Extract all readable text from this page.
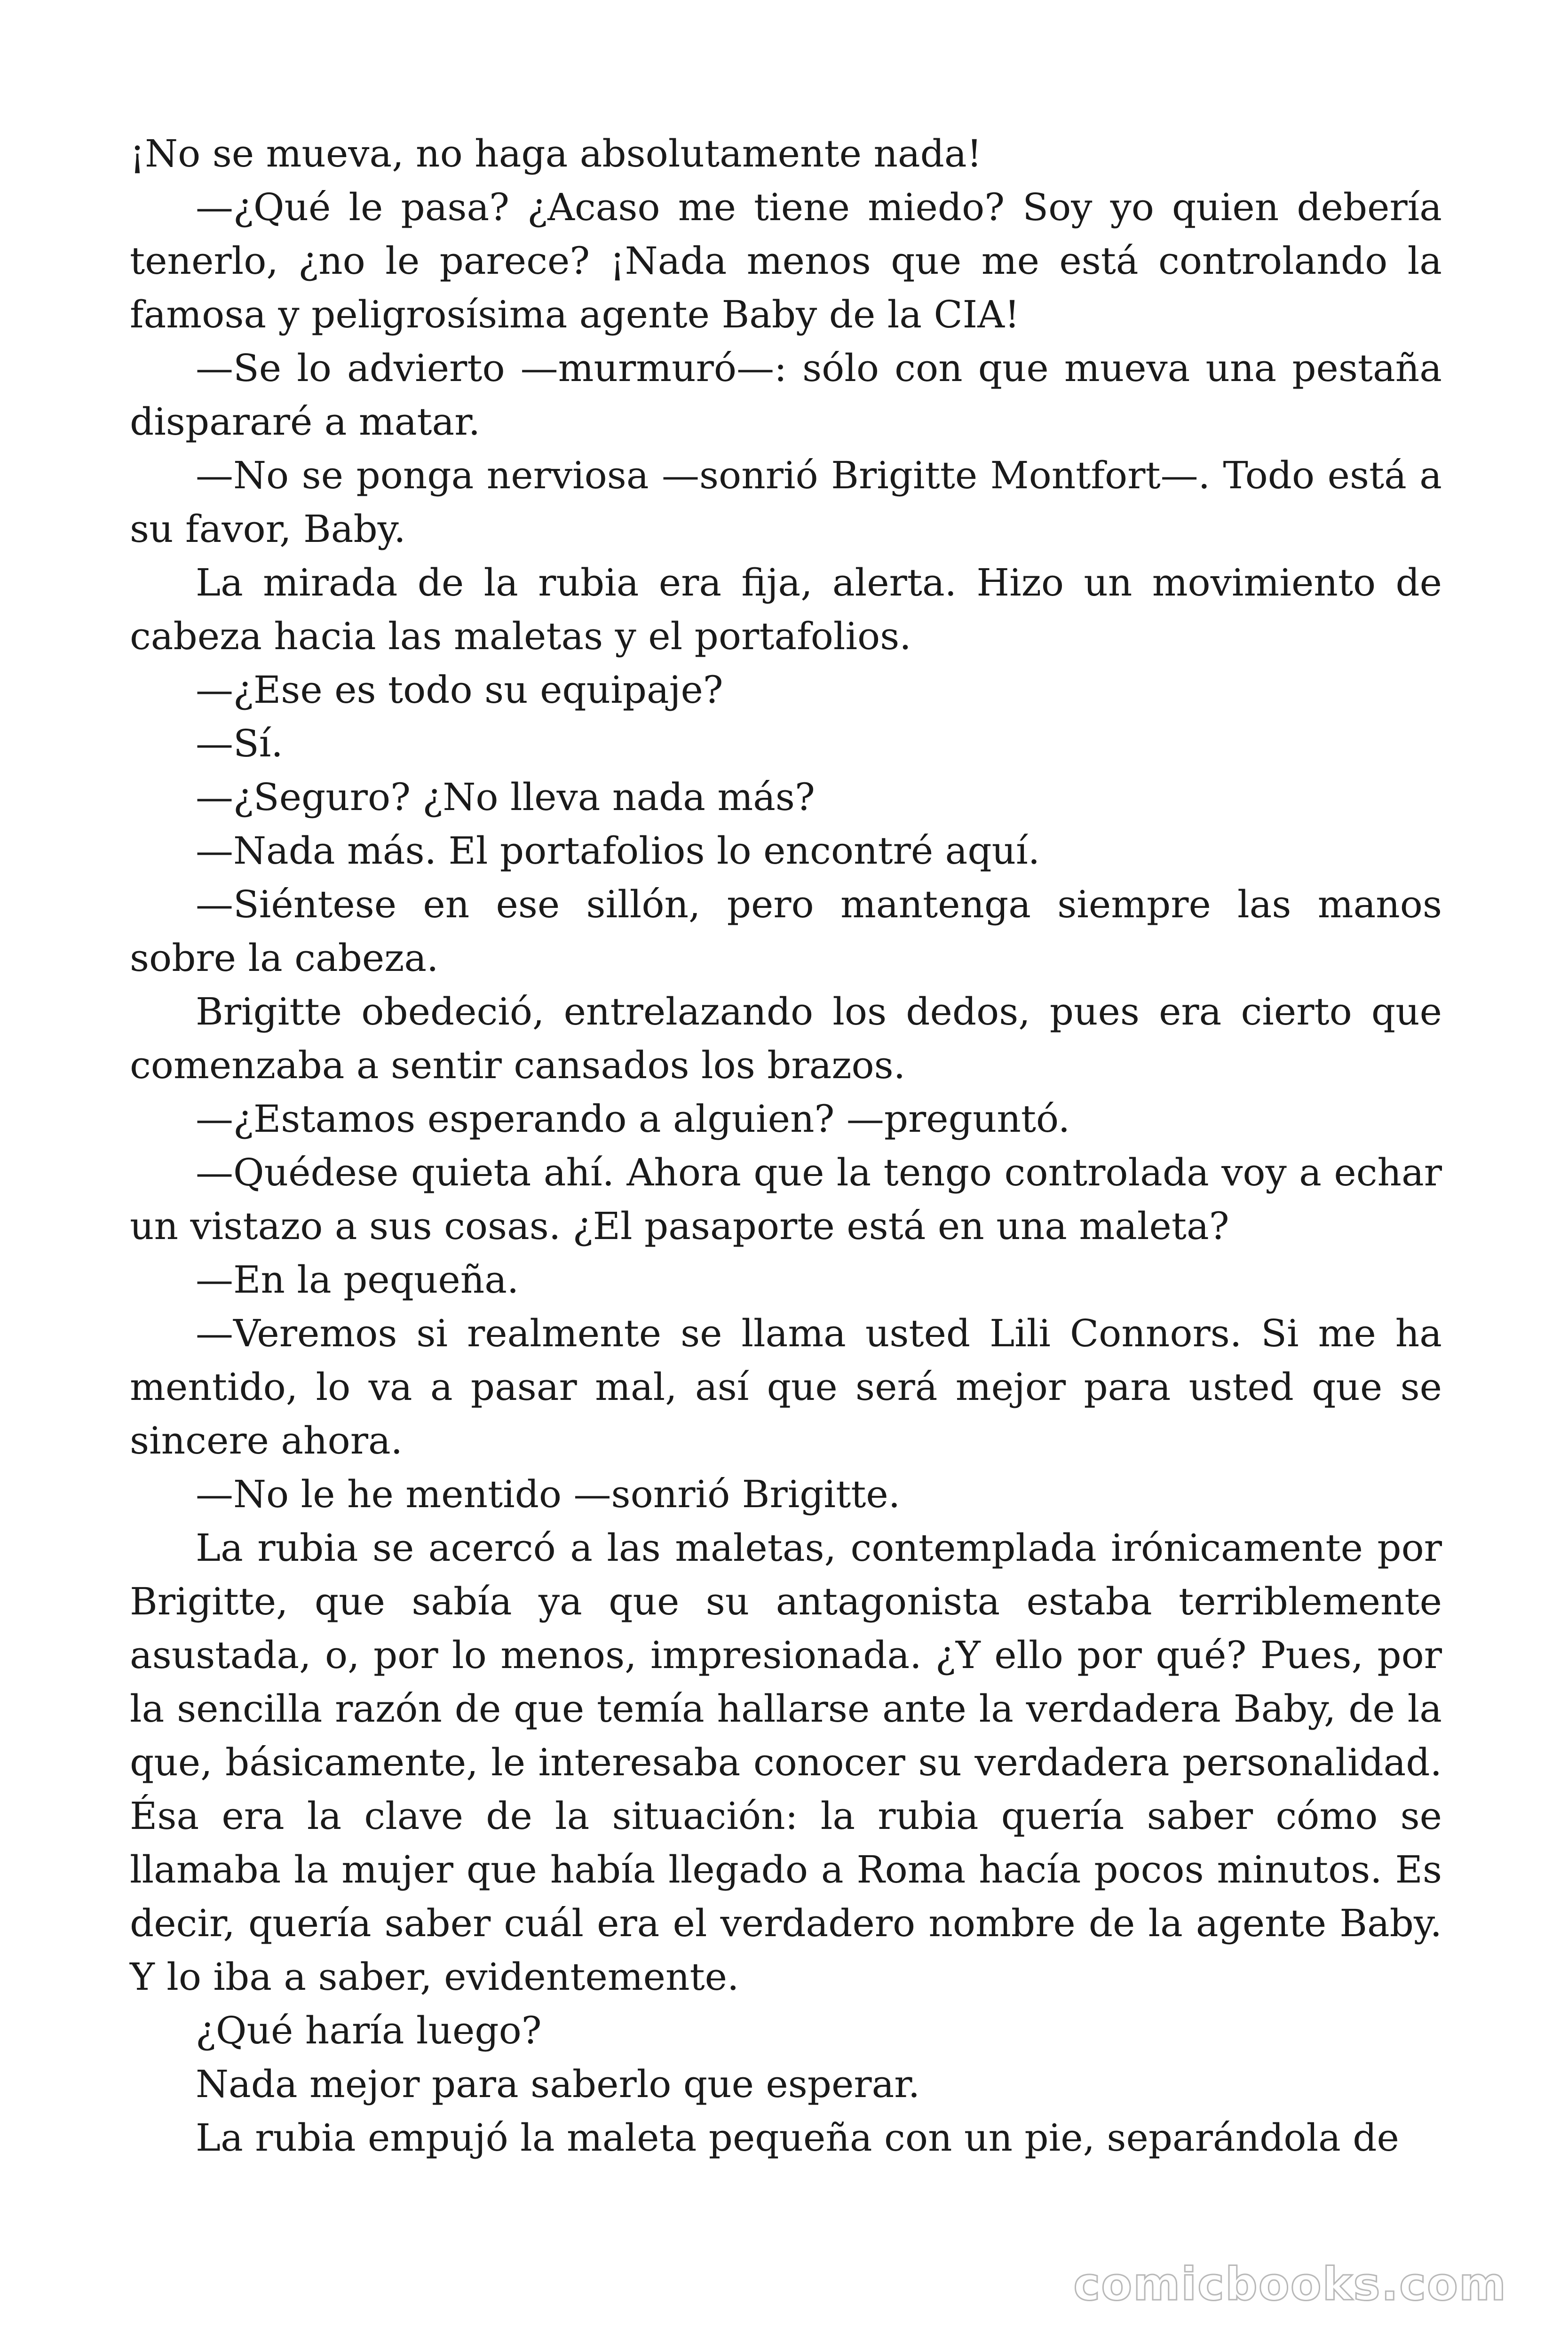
¡No se mueva, no haga absolutamente nada!

—¿Qué le pasa? ¿Acaso me tiene miedo? Soy yo quien debería tenerlo, ¿no le parece? ¡Nada menos que me está controlando la famosa y peligrosísima agente Baby de la CIA!

—Se lo advierto —murmuró—: sólo con que mueva una pestaña dispararé a matar.

—No se ponga nerviosa —sonrió Brigitte Montfort—. Todo está a su favor, Baby.

La mirada de la rubia era fija, alerta. Hizo un movimiento de cabeza hacia las maletas y el portafolios.

—¿Ese es todo su equipaje?

—Sí.

—¿Seguro? ¿No lleva nada más?

—Nada más. El portafolios lo encontré aquí.

—Siéntese en ese sillón, pero mantenga siempre las manos sobre la cabeza.

Brigitte obedeció, entrelazando los dedos, pues era cierto que comenzaba a sentir cansados los brazos.

—¿Estamos esperando a alguien? —preguntó.

—Quédese quieta ahí. Ahora que la tengo controlada voy a echar un vistazo a sus cosas. ¿El pasaporte está en una maleta?

—En la pequeña.

—Veremos si realmente se llama usted Lili Connors. Si me ha mentido, lo va a pasar mal, así que será mejor para usted que se sincere ahora.

—No le he mentido —sonrió Brigitte.

La rubia se acercó a las maletas, contemplada irónicamente por Brigitte, que sabía ya que su antagonista estaba terriblemente asustada, o, por lo menos, impresionada. ¿Y ello por qué? Pues, por la sencilla razón de que temía hallarse ante la verdadera Baby, de la que, básicamente, le interesaba conocer su verdadera personalidad. Ésa era la clave de la situación: la rubia quería saber cómo se llamaba la mujer que había llegado a Roma hacía pocos minutos. Es decir, quería saber cuál era el verdadero nombre de la agente Baby. Y lo iba a saber, evidentemente.

¿Qué haría luego?

Nada mejor para saberlo que esperar.

La rubia empujó la maleta pequeña con un pie, separándola de

comicbooks.com
